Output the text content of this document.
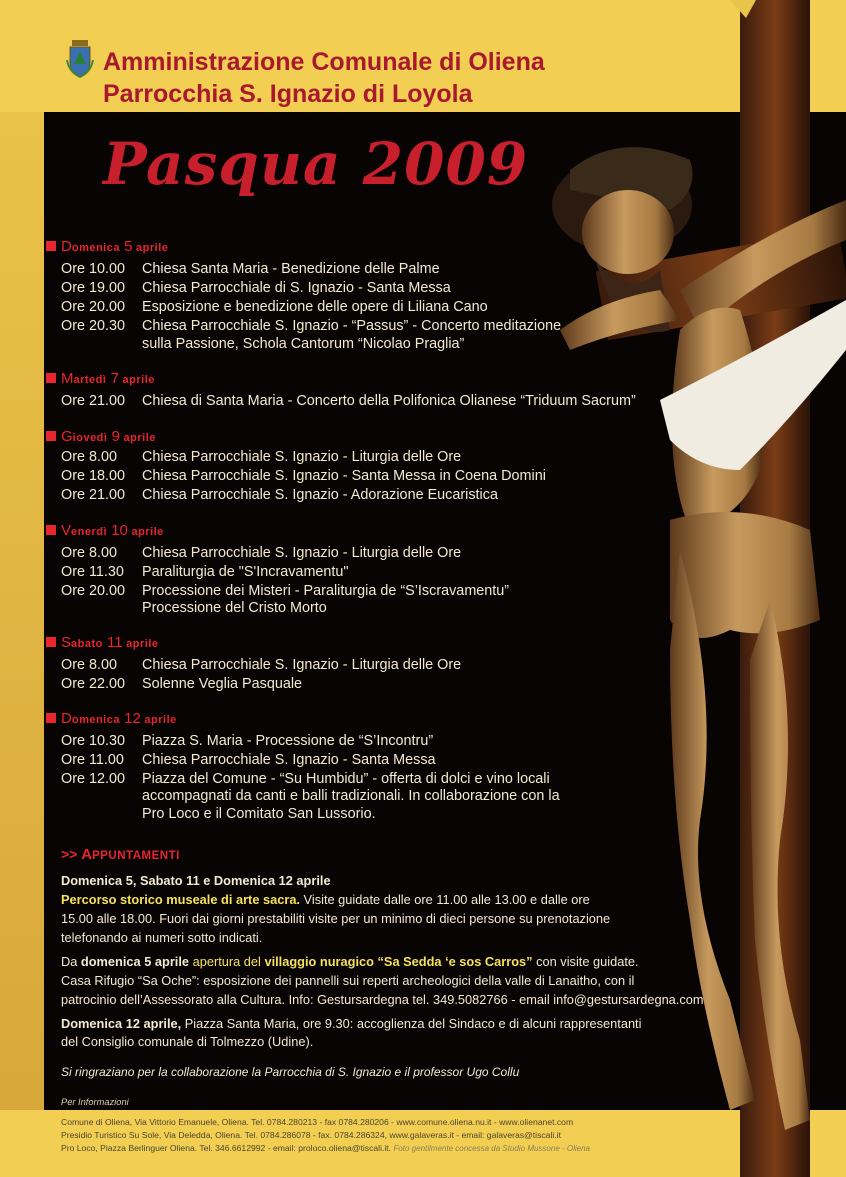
Amministrazione Comunale di Oliena
Parrocchia S. Ignazio di Loyola
Pasqua 2009
Domenica 5 aprile
Ore 10.00 Chiesa Santa Maria - Benedizione delle Palme
Ore 19.00 Chiesa Parrocchiale di S. Ignazio - Santa Messa
Ore 20.00 Esposizione e benedizione delle opere di Liliana Cano
Ore 20.30 Chiesa Parrocchiale S. Ignazio - “Passus” - Concerto meditazione
sulla Passione, Schola Cantorum “Nicolao Praglia”
Martedì 7 aprile
Ore 21.00 Chiesa di Santa Maria - Concerto della Polifonica Olianese “Triduum Sacrum”
Giovedì 9 aprile
Ore 8.00 Chiesa Parrocchiale S. Ignazio - Liturgia delle Ore
Ore 18.00 Chiesa Parrocchiale S. Ignazio - Santa Messa in Coena Domini
Ore 21.00 Chiesa Parrocchiale S. Ignazio - Adorazione Eucaristica
Venerdì 10 aprile
Ore 8.00 Chiesa Parrocchiale S. Ignazio - Liturgia delle Ore
Ore 11.30 Paraliturgia de "S'Incravamentu"
Ore 20.00 Processione dei Misteri - Paraliturgia de “S’Iscravamentu”
Processione del Cristo Morto
Sabato 11 aprile
Ore 8.00 Chiesa Parrocchiale S. Ignazio - Liturgia delle Ore
Ore 22.00 Solenne Veglia Pasquale
Domenica 12 aprile
Ore 10.30 Piazza S. Maria - Processione de “S’Incontru”
Ore 11.00 Chiesa Parrocchiale S. Ignazio - Santa Messa
Ore 12.00 Piazza del Comune - “Su Humbidu” - offerta di dolci e vino locali
accompagnati da canti e balli tradizionali. In collaborazione con la
Pro Loco e il Comitato San Lussorio.
>> APPUNTAMENTI
Domenica 5, Sabato 11 e Domenica 12 aprile
Percorso storico museale di arte sacra. Visite guidate dalle ore 11.00 alle 13.00 e dalle ore
15.00 alle 18.00. Fuori dai giorni prestabiliti visite per un minimo di dieci persone su prenotazione
telefonando ai numeri sotto indicati.
Da domenica 5 aprile apertura del villaggio nuragico “Sa Sedda ‘e sos Carros” con visite guidate.
Casa Rifugio “Sa Oche”: esposizione dei pannelli sui reperti archeologici della valle di Lanaitho, con il
patrocinio dell’Assessorato alla Cultura. Info: Gestursardegna tel. 349.5082766 - email info@gestursardegna.com
Domenica 12 aprile, Piazza Santa Maria, ore 9.30: accoglienza del Sindaco e di alcuni rappresentanti
del Consiglio comunale di Tolmezzo (Udine).
Si ringraziano per la collaborazione la Parrocchia di S. Ignazio e il professor Ugo Collu
Per Informazioni
Comune di Oliena, Via Vittorio Emanuele, Oliena. Tel. 0784.280213 - fax 0784.280206 - www.comune.oliena.nu.it - www.olienanet.com
Presidio Turistico Su Sole, Via Deledda, Oliena. Tel. 0784.286078 - fax. 0784.286324, www.galaveras.it - email: galaveras@tiscali.it
Pro Loco, Piazza Berlinguer Oliena. Tel. 346.6612992 - email: proloco.oliena@tiscali.it. Foto gentilmente concessa da Studio Mussone - Oliena
